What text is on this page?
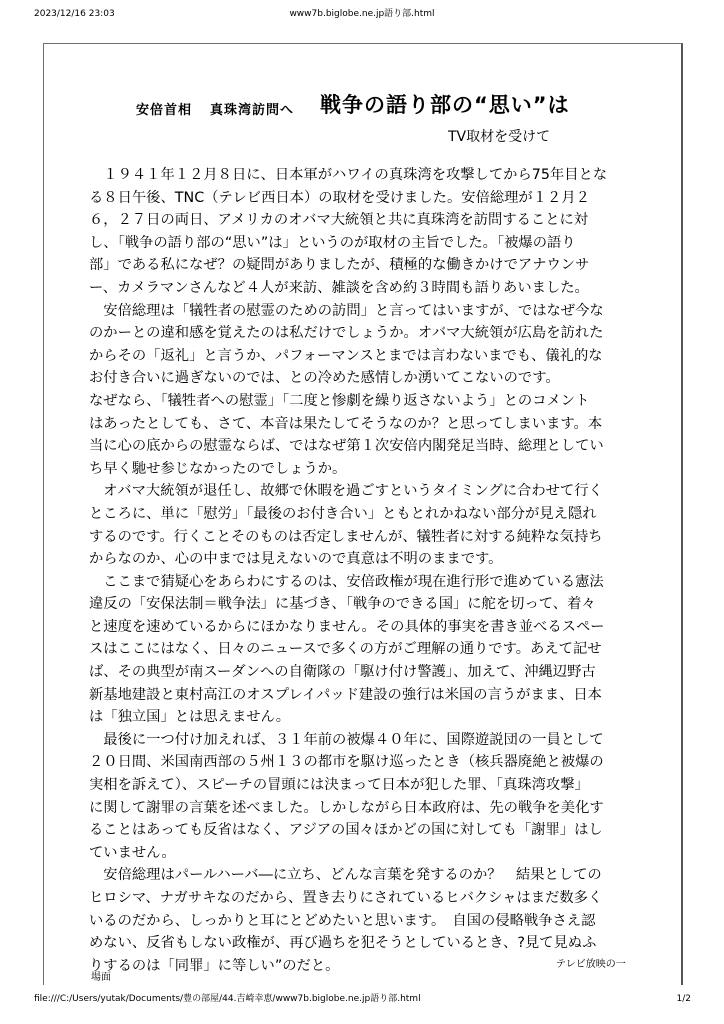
2023/12/16 23:03	www7b.biglobe.ne.jp語り部.html
安倍首相 真珠湾訪問へ 戦争の語り部の“思い”は
TV取材を受けて
　１９４１年１２月８日に、日本軍がハワイの真珠湾を攻撃してから75年目とな
る８日午後、TNC（テレビ西日本）の取材を受けました。安倍総理が１２月２
６，２７日の両日、アメリカのオバマ大統領と共に真珠湾を訪問することに対
し、「戦争の語り部の“思い”は」というのが取材の主旨でした。「被爆の語り
部」である私になぜ？の疑問がありましたが、積極的な働きかけでアナウンサ
ー、カメラマンさんなど４人が来訪、雑談を含め約３時間も語りあいました。
　安倍総理は「犠牲者の慰霊のための訪問」と言ってはいますが、ではなぜ今な
のかーとの違和感を覚えたのは私だけでしょうか。オバマ大統領が広島を訪れた
からその「返礼」と言うか、パフォーマンスとまでは言わないまでも、儀礼的な
お付き合いに過ぎないのでは、との冷めた感情しか湧いてこないのです。
なぜなら、「犠牲者への慰霊」「二度と惨劇を繰り返さないよう」とのコメント
はあったとしても、さて、本音は果たしてそうなのか？と思ってしまいます。本
当に心の底からの慰霊ならば、ではなぜ第１次安倍内閣発足当時、総理としてい
ち早く馳せ参じなかったのでしょうか。
　オバマ大統領が退任し、故郷で休暇を過ごすというタイミングに合わせて行く
ところに、単に「慰労」「最後のお付き合い」ともとれかねない部分が見え隠れ
するのです。行くことそのものは否定しませんが、犠牲者に対する純粋な気持ち
からなのか、心の中までは見えないので真意は不明のままです。
　ここまで猜疑心をあらわにするのは、安倍政権が現在進行形で進めている憲法
違反の「安保法制＝戦争法」に基づき、「戦争のできる国」に舵を切って、着々
と速度を速めているからにほかなりません。その具体的事実を書き並べるスペー
スはここにはなく、日々のニュースで多くの方がご理解の通りです。あえて記せ
ば、その典型が南スーダンへの自衛隊の「駆け付け警護」、加えて、沖縄辺野古
新基地建設と東村高江のオスプレイパッド建設の強行は米国の言うがまま、日本
は「独立国」とは思えません。
　最後に一つ付け加えれば、３１年前の被爆４０年に、国際遊説団の一員として
２０日間、米国南西部の５州１３の都市を駆け巡ったとき（核兵器廃絶と被爆の
実相を訴えて）、スピーチの冒頭には決まって日本が犯した罪、「真珠湾攻撃」
に関して謝罪の言葉を述べました。しかしながら日本政府は、先の戦争を美化す
ることはあっても反省はなく、アジアの国々ほかどの国に対しても「謝罪」はし
ていません。
　安倍総理はパールハーバ―に立ち、どんな言葉を発するのか？　結果としての
ヒロシマ、ナガサキなのだから、置き去りにされているヒバクシャはまだ数多く
いるのだから、しっかりと耳にとどめたいと思います。　自国の侵略戦争さえ認
めない、反省もしない政権が、再び過ちを犯そうとしているとき、?見て見ぬふ
りするのは「同罪」に等しい”のだと。	テレビ放映の一
場面
file:///C:/Users/yutak/Documents/豊の部屋/44.吉崎幸恵/www7b.biglobe.ne.jp語り部.html	1/2
